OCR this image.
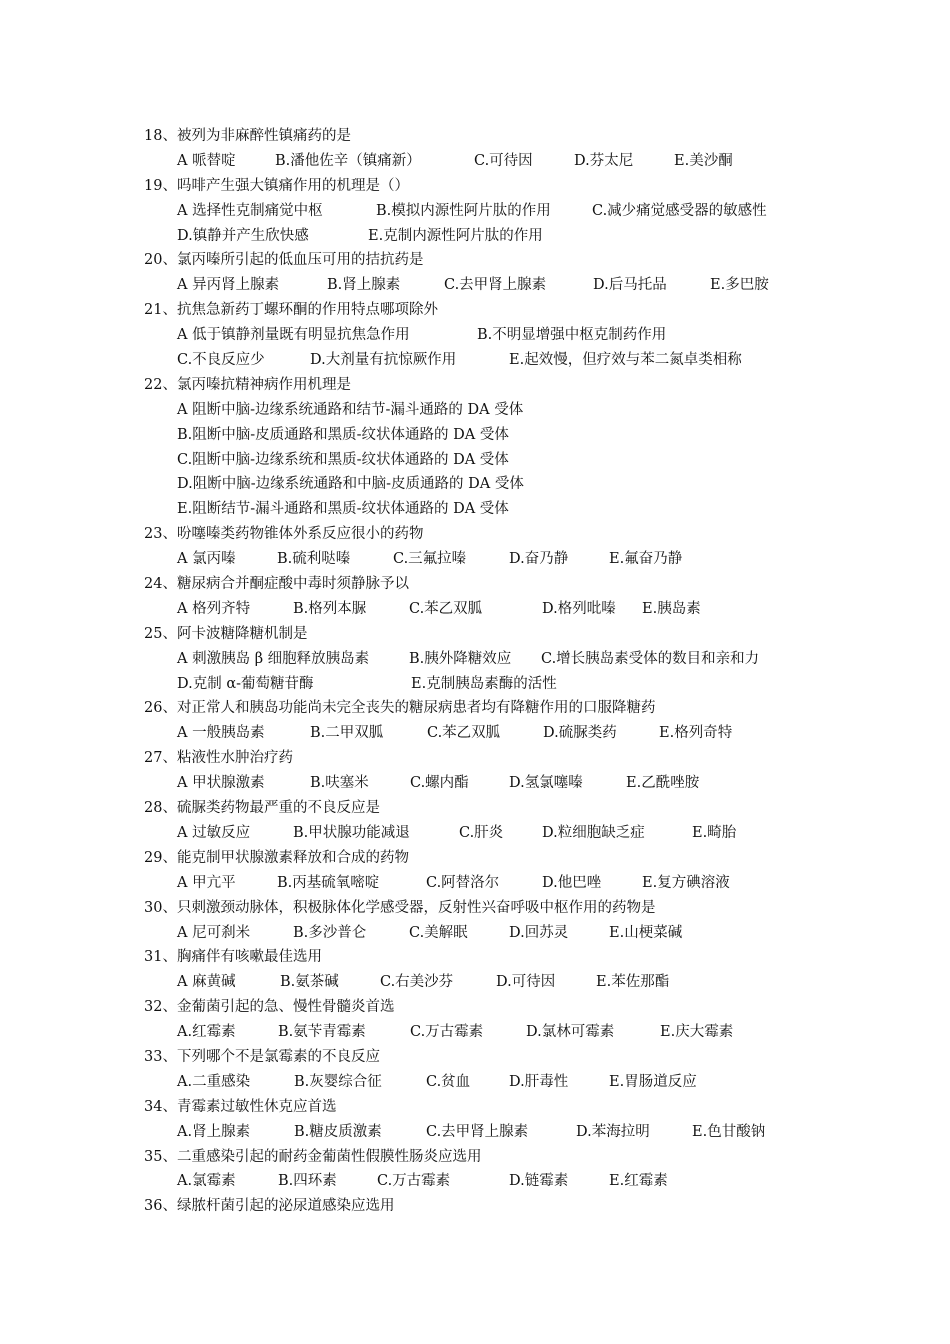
18、被列为非麻醉性镇痛药的是
A 哌替啶	B.潘他佐辛（镇痛新）	C.可待因	D.芬太尼	E.美沙酮
19、吗啡产生强大镇痛作用的机理是（）
A 选择性克制痛觉中枢	B.模拟内源性阿片肽的作用	C.减少痛觉感受器的敏感性
D.镇静并产生欣快感	E.克制内源性阿片肽的作用
20、氯丙嗪所引起的低血压可用的拮抗药是
A 异丙肾上腺素	B.肾上腺素	C.去甲肾上腺素	D.后马托品	E.多巴胺
21、抗焦急新药丁螺环酮的作用特点哪项除外
A 低于镇静剂量既有明显抗焦急作用	B.不明显增强中枢克制药作用
C.不良反应少	D.大剂量有抗惊厥作用	E.起效慢，但疗效与苯二氮卓类相称
22、氯丙嗪抗精神病作用机理是
A 阻断中脑-边缘系统通路和结节-漏斗通路的 DA 受体
B.阻断中脑-皮质通路和黑质-纹状体通路的 DA 受体
C.阻断中脑-边缘系统和黑质-纹状体通路的 DA 受体
D.阻断中脑-边缘系统通路和中脑-皮质通路的 DA 受体
E.阻断结节-漏斗通路和黑质-纹状体通路的 DA 受体
23、吩噻嗪类药物锥体外系反应很小的药物
A 氯丙嗪	B.硫利哒嗪	C.三氟拉嗪	D.奋乃静	E.氟奋乃静
24、糖尿病合并酮症酸中毒时须静脉予以
A 格列齐特	B.格列本脲	C.苯乙双胍	D.格列吡嗪 E.胰岛素
25、阿卡波糖降糖机制是
A 刺激胰岛 β 细胞释放胰岛素	B.胰外降糖效应 C.增长胰岛素受体的数目和亲和力
D.克制 α-葡萄糖苷酶	E.克制胰岛素酶的活性
26、对正常人和胰岛功能尚未完全丧失的糖尿病患者均有降糖作用的口服降糖药
A 一般胰岛素	B.二甲双胍	C.苯乙双胍	D.硫脲类药	E.格列奇特
27、粘液性水肿治疗药
A 甲状腺激素	B.呋塞米	C.螺内酯	D.氢氯噻嗪	E.乙酰唑胺
28、硫脲类药物最严重的不良反应是
A 过敏反应	B.甲状腺功能减退	C.肝炎	D.粒细胞缺乏症	E.畸胎
29、能克制甲状腺激素释放和合成的药物
A 甲亢平	B.丙基硫氧嘧啶	C.阿替洛尔	D.他巴唑	E.复方碘溶液
30、只刺激颈动脉体，积极脉体化学感受器，反射性兴奋呼吸中枢作用的药物是
A 尼可刹米	B.多沙普仑	C.美解眠	D.回苏灵	E.山梗菜碱
31、胸痛伴有咳嗽最佳选用
A 麻黄碱	B.氨茶碱	C.右美沙芬	D.可待因	E.苯佐那酯
32、金葡菌引起的急、慢性骨髓炎首选
A.红霉素	B.氨苄青霉素	C.万古霉素	D.氯林可霉素	E.庆大霉素
33、下列哪个不是氯霉素的不良反应
A.二重感染	B.灰婴综合征	C.贫血	D.肝毒性	E.胃肠道反应
34、青霉素过敏性休克应首选
A.肾上腺素	B.糖皮质激素	C.去甲肾上腺素	D.苯海拉明	E.色甘酸钠
35、二重感染引起的耐药金葡菌性假膜性肠炎应选用
A.氯霉素	B.四环素	C.万古霉素	D.链霉素	E.红霉素
36、绿脓杆菌引起的泌尿道感染应选用
